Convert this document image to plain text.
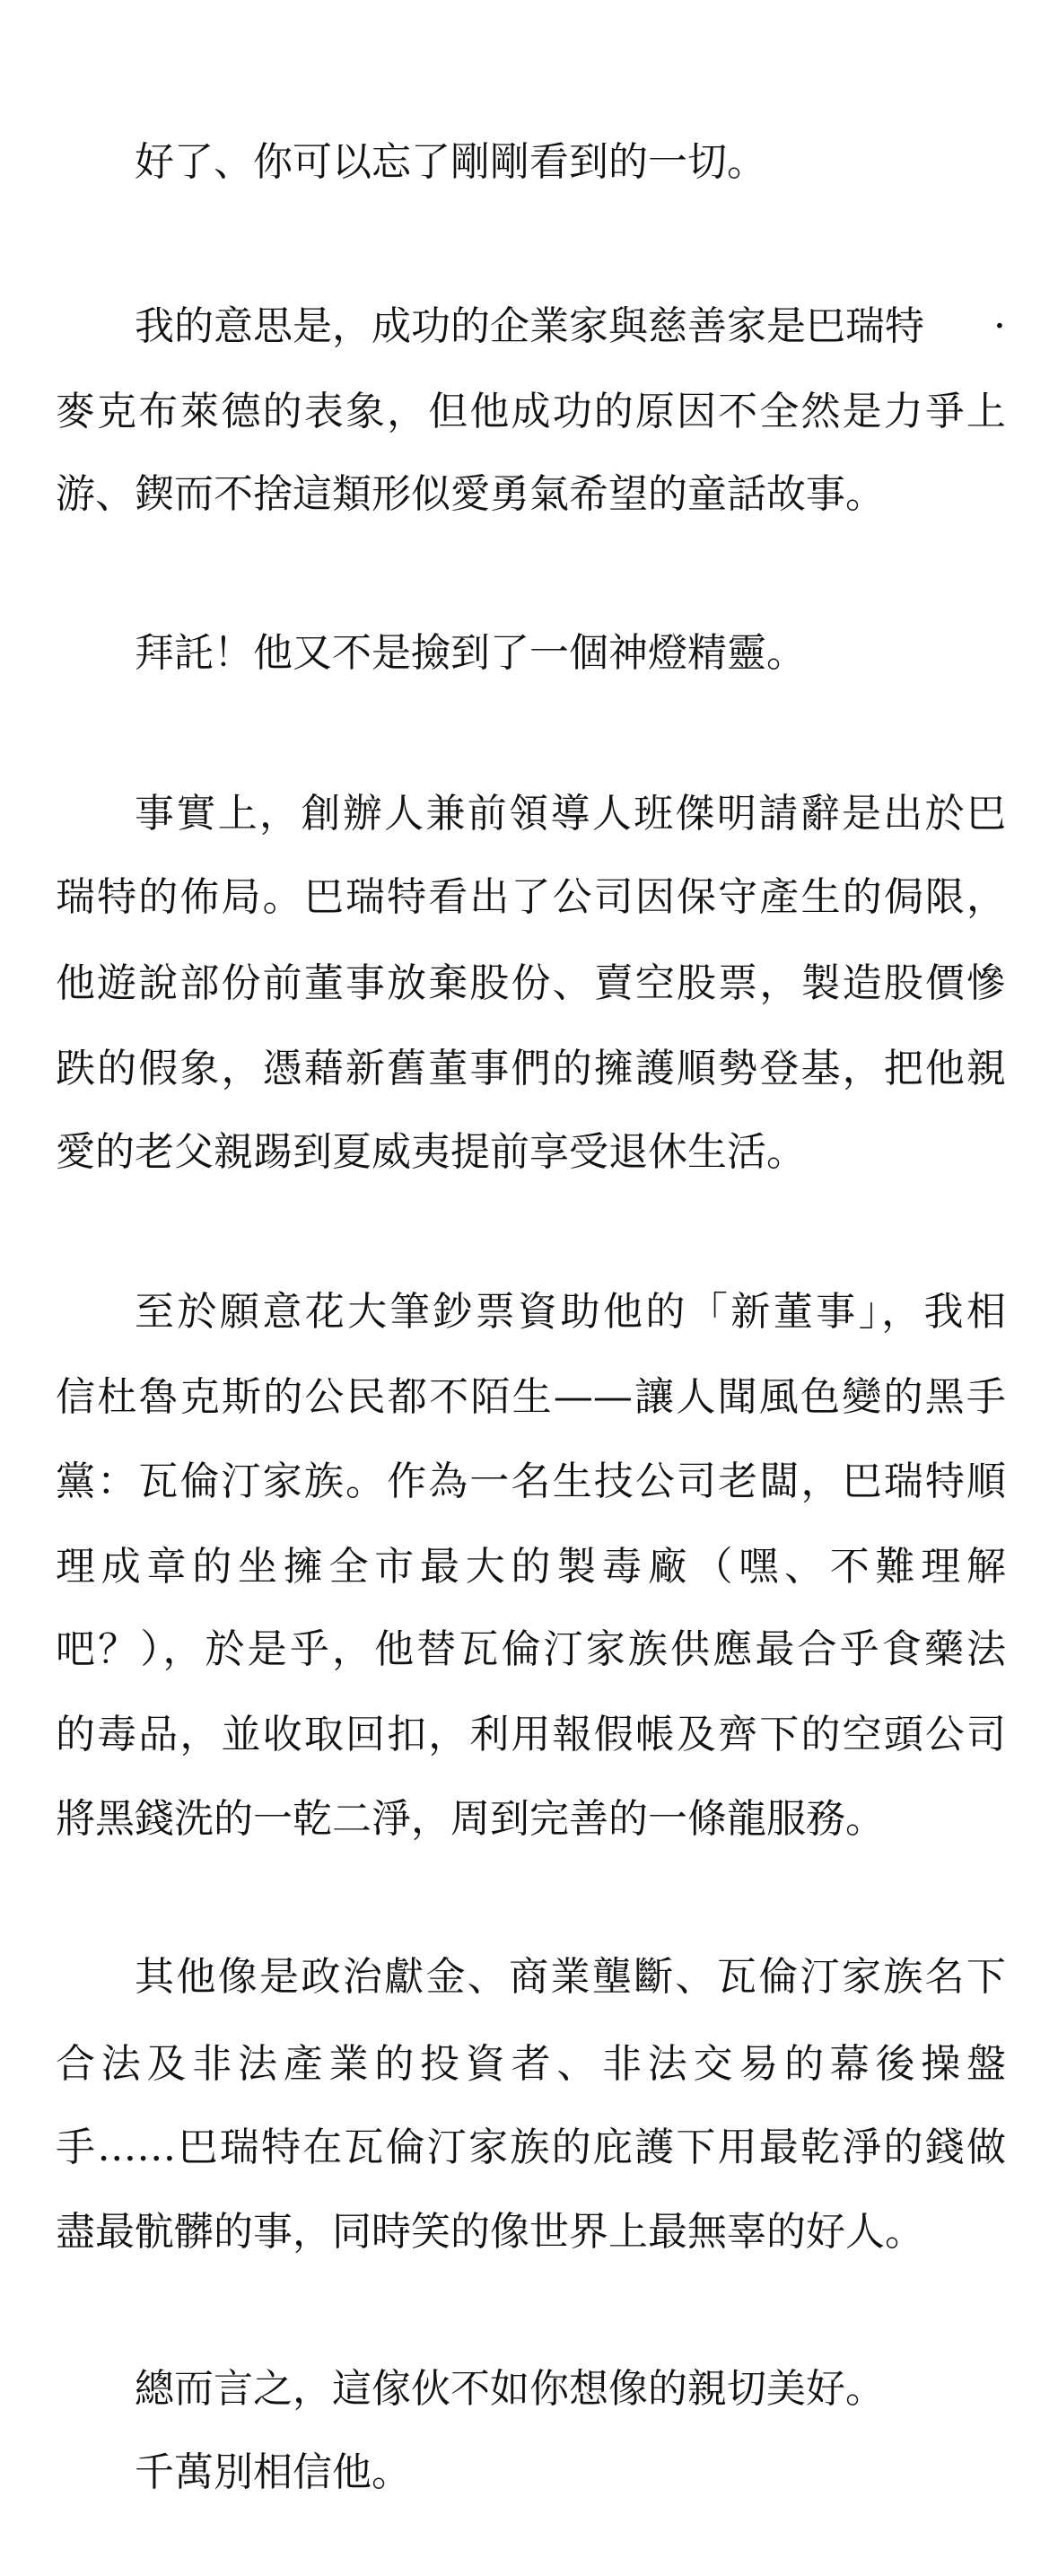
好了、你可以忘了剛剛看到的一切。
我的意思是，成功的企業家與慈善家是巴瑞特 ·
麥克布萊德的表象，但他成功的原因不全然是力爭上
游、鍥而不捨這類形似愛勇氣希望的童話故事。
拜託！他又不是撿到了一個神燈精靈。
事實上，創辦人兼前領導人班傑明請辭是出於巴
瑞特的佈局。巴瑞特看出了公司因保守產生的侷限，
他遊說部份前董事放棄股份、賣空股票，製造股價慘
跌的假象，憑藉新舊董事們的擁護順勢登基，把他親
愛的老父親踢到夏威夷提前享受退休生活。
至於願意花大筆鈔票資助他的「新董事」，我相
信杜魯克斯的公民都不陌生——讓人聞風色變的黑手
黨：瓦倫汀家族。作為一名生技公司老闆，巴瑞特順
理成章的坐擁全市最大的製毒廠（嘿、不難理解
吧？），於是乎，他替瓦倫汀家族供應最合乎食藥法
的毒品，並收取回扣，利用報假帳及齊下的空頭公司
將黑錢洗的一乾二淨，周到完善的一條龍服務。
其他像是政治獻金、商業壟斷、瓦倫汀家族名下
合法及非法產業的投資者、非法交易的幕後操盤
手……巴瑞特在瓦倫汀家族的庇護下用最乾淨的錢做
盡最骯髒的事，同時笑的像世界上最無辜的好人。
總而言之，這傢伙不如你想像的親切美好。
千萬別相信他。
